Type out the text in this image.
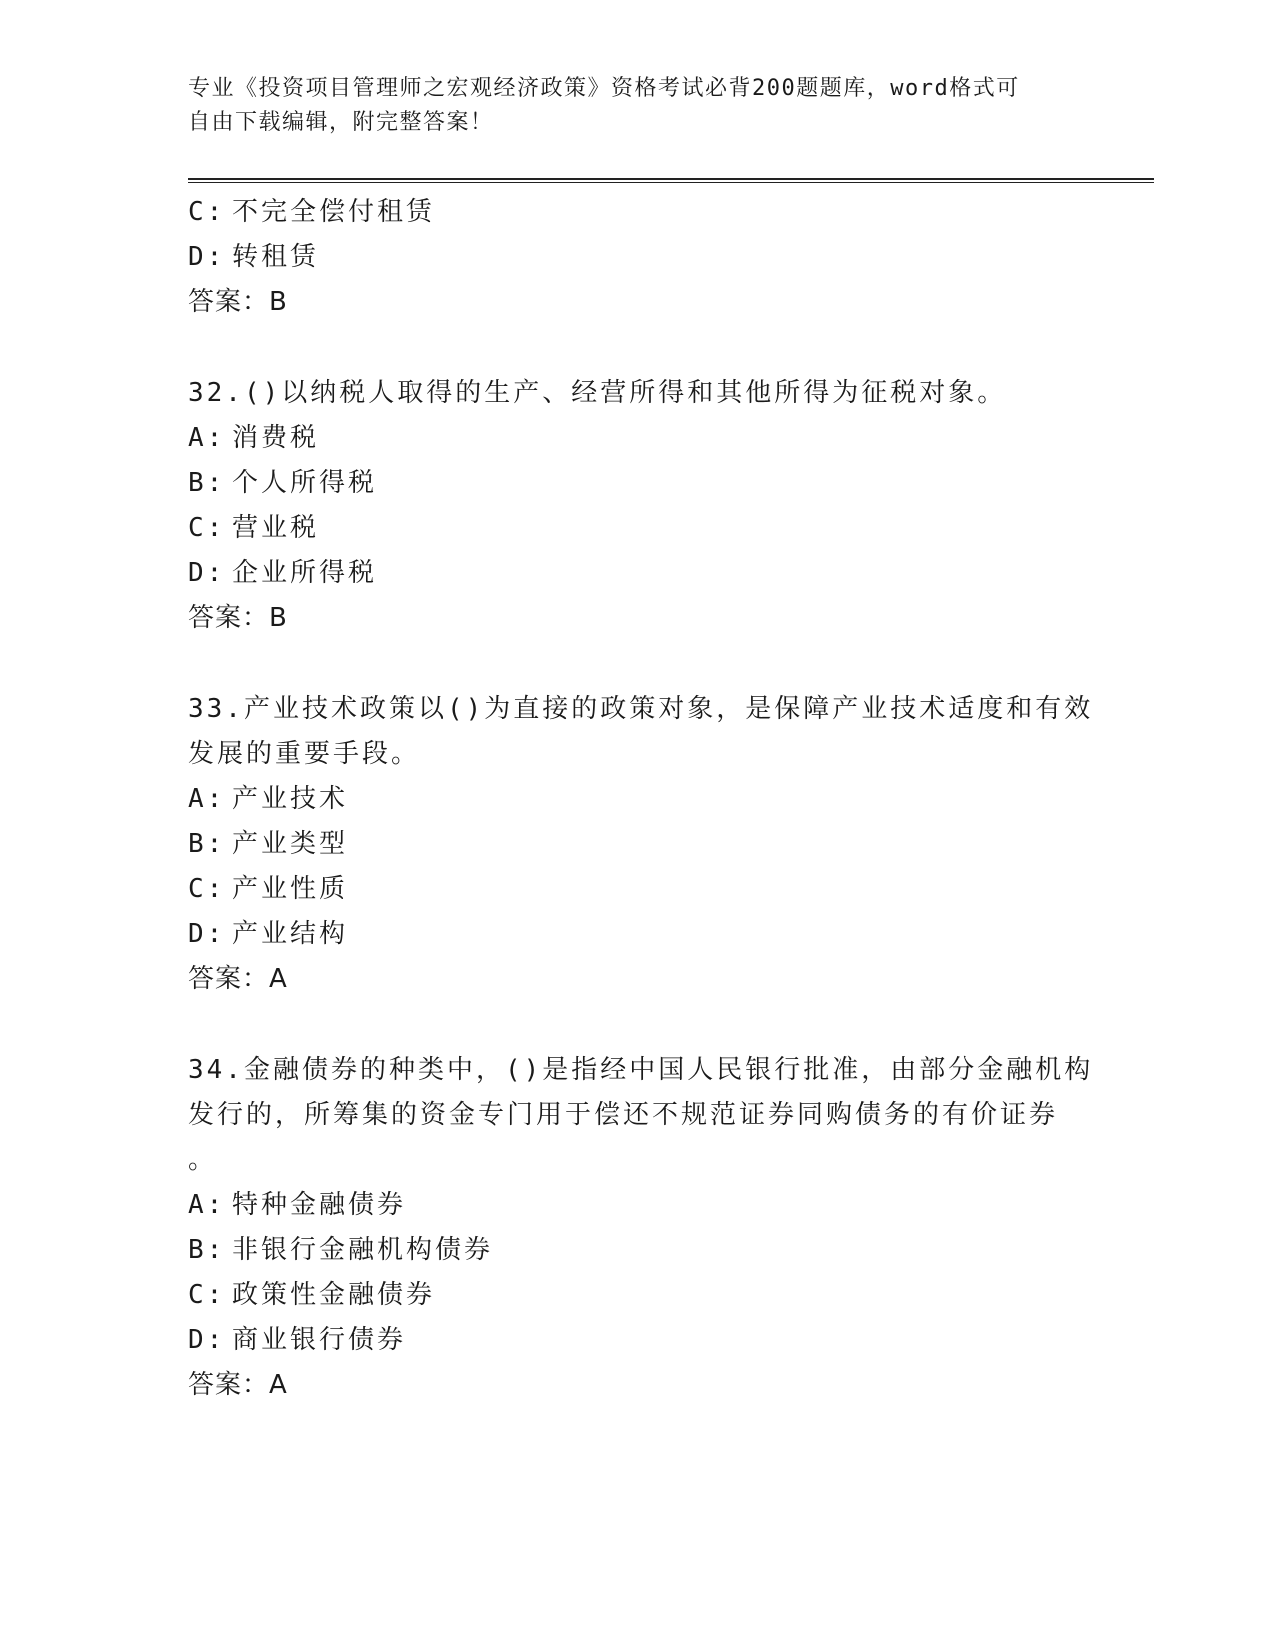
专业《投资项目管理师之宏观经济政策》资格考试必背200题题库，word格式可
自由下载编辑，附完整答案！
C: 不完全偿付租赁
D: 转租赁
答案：B
32.()以纳税人取得的生产、经营所得和其他所得为征税对象。
A: 消费税
B: 个人所得税
C: 营业税
D: 企业所得税
答案：B
33.产业技术政策以()为直接的政策对象，是保障产业技术适度和有效
发展的重要手段。
A: 产业技术
B: 产业类型
C: 产业性质
D: 产业结构
答案：A
34.金融债券的种类中，()是指经中国人民银行批准，由部分金融机构
发行的，所筹集的资金专门用于偿还不规范证券同购债务的有价证券
。
A: 特种金融债券
B: 非银行金融机构债券
C: 政策性金融债券
D: 商业银行债券
答案：A
